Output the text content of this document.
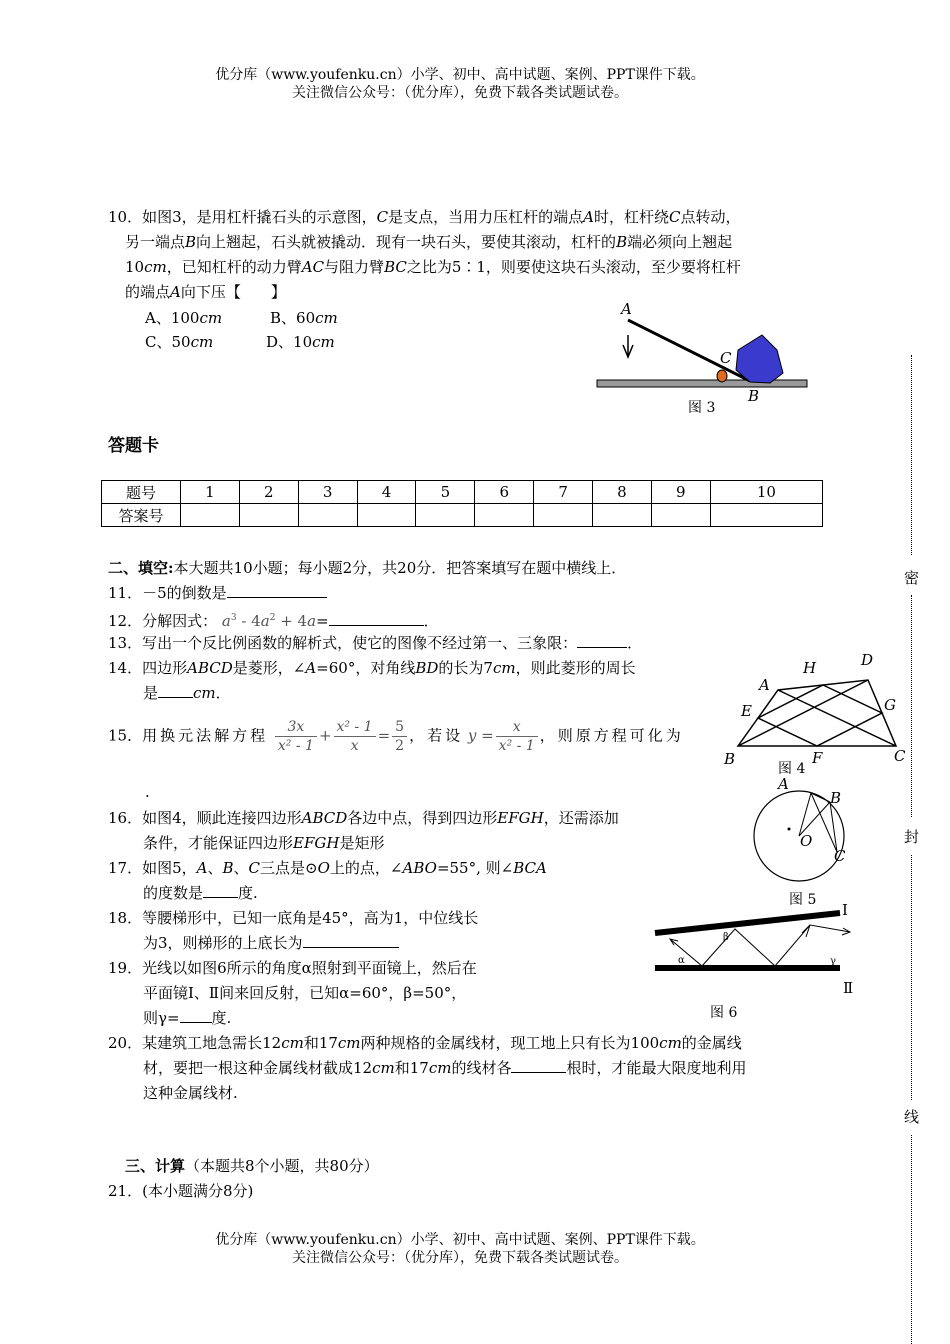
优分库（www.youfenku.cn）小学、初中、高中试题、案例、PPT课件下载。
关注微信公众号：（优分库），免费下载各类试题试卷。
10．如图3，是用杠杆撬石头的示意图，C是支点，当用力压杠杆的端点A时，杠杆绕C点转动，
另一端点B向上翘起，石头就被撬动．现有一块石头，要使其滚动，杠杆的B端必须向上翘起
10cm，已知杠杆的动力臂AC与阻力臂BC之比为5∶1，则要使这块石头滚动，至少要将杠杆
的端点A向下压【　　】
A、100cm	B、60cm
C、50cm	D、10cm
A
C
B
图 3
答题卡
题号	1	2	3	4	5	6	7	8	9	10
答案号										
二、填空:本大题共10小题；每小题2分，共20分．把答案填写在题中横线上．
11．－5的倒数是
12．分解因式： $a^3 - 4a^2 + 4a=$	．
13．写出一个反比例函数的解析式，使它的图像不经过第一、三象限：	．
14．四边形ABCD是菱形，∠A=60°，对角线BD的长为7cm，则此菱形的周长
是 cm．
15．用换元法解方程 $\frac{3x}{\text{x² - 1}} + \frac{\text{x² - 1}}{x} = \frac{5}{2}$ ，若设 $y = \frac{x}{\text{x² - 1}}$ ，则原方程可化为
.
16．如图4，顺此连接四边形ABCD各边中点，得到四边形EFGH，还需添加
条件，才能保证四边形EFGH是矩形
17．如图5，A、B、C三点是⊙O上的点，∠ABO=55°, 则∠BCA
的度数是 度.
18．等腰梯形中，已知一底角是45°，高为1，中位线长
为3，则梯形的上底长为
19．光线以如图6所示的角度α照射到平面镜上，然后在
平面镜Ⅰ、Ⅱ间来回反射，已知α=60°，β=50°，
则γ= 度.
20．某建筑工地急需长12cm和17cm两种规格的金属线材，现工地上只有长为100cm的金属线
材，要把一根这种金属线材截成12cm和17cm的线材各	根时，才能最大限度地利用
这种金属线材.
三、计算（本题共8个小题，共80分）
21．(本小题满分8分)
A
B	C
D
E
F
G
H
图 4
A
B
C
O
图 5
α
β
γ
Ⅰ
Ⅱ
图 6
密
封
线
优分库（www.youfenku.cn）小学、初中、高中试题、案例、PPT课件下载。
关注微信公众号：（优分库），免费下载各类试题试卷。
